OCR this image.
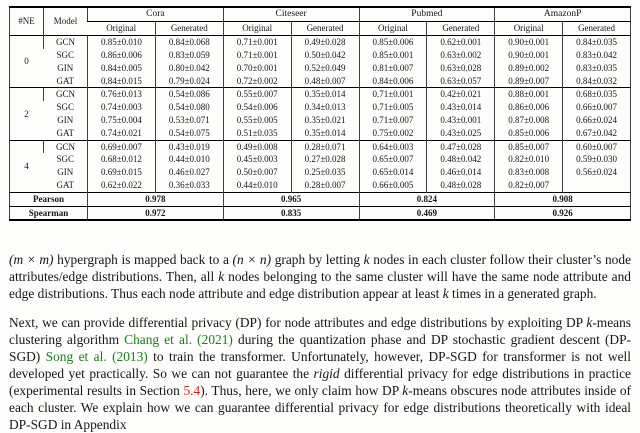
#NE	Model	Cora		Citeseer		Pubmed		AmazonP	
		Original	Generated	Original	Generated	Original	Generated	Original	Generated
0	GCN	0.85±0.010	0.84±0.068	0.71±0.001	0.49±0.028	0.85±0.006	0.62±0.001	0.90±0.001	0.84±0.035
	SGC	0.86±0.006	0.83±0.059	0.71±0.001	0.50±0.042	0.85±0.001	0.63±0.002	0.90±0.001	0.83±0.042
	GIN	0.84±0.005	0.80±0.042	0.70±0.001	0.52±0.049	0.81±0.007	0.63±0.028	0.89±0.002	0.83±0.035
	GAT	0.84±0.015	0.79±0.024	0.72±0.002	0.48±0.007	0.84±0.006	0.63±0.057	0.89±0.007	0.84±0.032
2	GCN	0.76±0.013	0.54±0.086	0.55±0.007	0.35±0.014	0.71±0.001	0.42±0.021	0.88±0.001	0.68±0.035
	SGC	0.74±0.003	0.54±0.080	0.54±0.006	0.34±0.013	0.71±0.005	0.43±0.014	0.86±0.006	0.66±0.007
	GIN	0.75±0.004	0.53±0.071	0.55±0.005	0.35±0.021	0.71±0.007	0.43±0.001	0.87±0.008	0.66±0.024
	GAT	0.74±0.021	0.54±0.075	0.51±0.035	0.35±0.014	0.75±0.002	0.43±0.025	0.85±0.006	0.67±0.042
4	GCN	0.69±0.007	0.43±0.019	0.49±0.008	0.28±0.071	0.64±0.003	0.47±0.028	0.85±0.007	0.60±0.007
	SGC	0.68±0.012	0.44±0.010	0.45±0.003	0.27±0.028	0.65±0.007	0.48±0.042	0.82±0.010	0.59±0.030
	GIN	0.69±0.015	0.46±0.027	0.50±0.007	0.25±0.035	0.65±0.014	0.46±0.014	0.83±0.008	0.56±0.024
	GAT	0.62±0.022	0.36±0.033	0.44±0.010	0.28±0.007	0.66±0.005	0.48±0.028	0.82±0.007	
Pearson		0.978		0.965		0.824		0.908	
Spearman		0.972		0.835		0.469		0.926	

(m × m) hypergraph is mapped back to a (n × n) graph by letting k nodes in each cluster follow their cluster’s node attributes/edge distributions. Then, all k nodes belonging to the same cluster will have the same node attribute and edge distributions. Thus each node attribute and edge distribution appear at least k times in a generated graph.

Next, we can provide differential privacy (DP) for node attributes and edge distributions by exploiting DP k-means clustering algorithm Chang et al. (2021) during the quantization phase and DP stochastic gradient descent (DP-SGD) Song et al. (2013) to train the transformer. Unfortunately, however, DP-SGD for transformer is not well developed yet practically. So we can not guarantee the rigid differential privacy for edge distributions in practice (experimental results in Section 5.4). Thus, here, we only claim how DP k-means obscures node attributes inside of each cluster. We explain how we can guarantee differential privacy for edge distributions theoretically with ideal DP-SGD in Appendix
